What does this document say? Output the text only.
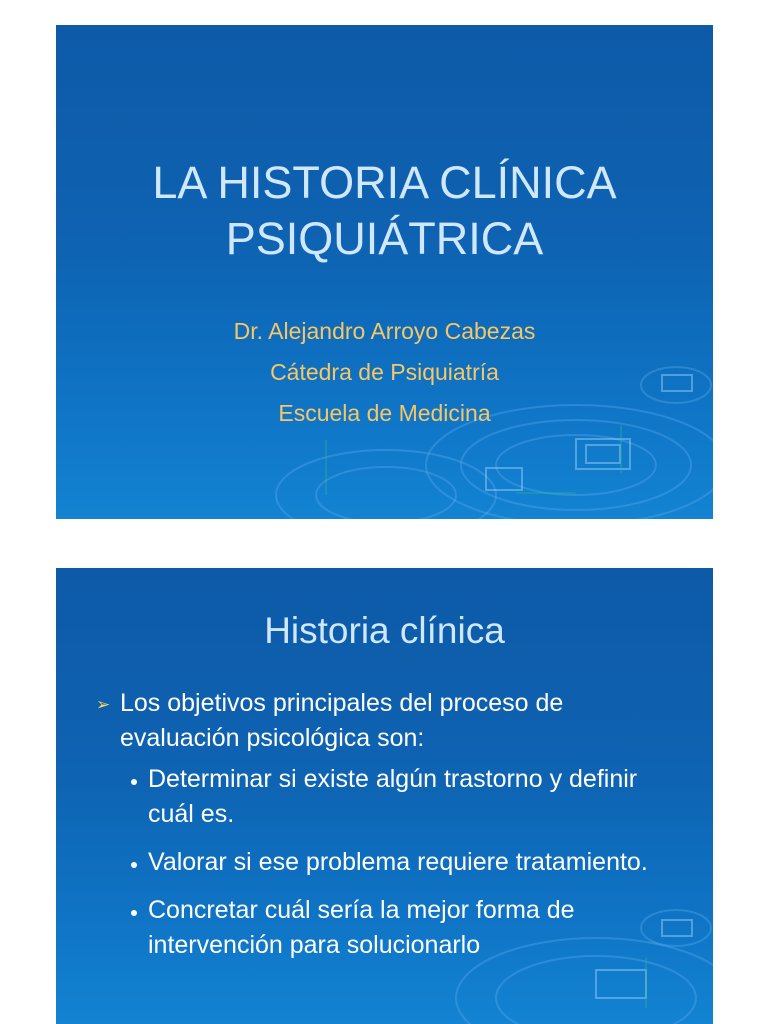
LA HISTORIA CLÍNICA
PSIQUIÁTRICA
Dr. Alejandro Arroyo Cabezas
Cátedra de Psiquiatría
Escuela de Medicina
Historia clínica
➢ Los objetivos principales del proceso de evaluación psicológica son:
Determinar si existe algún trastorno y definir cuál es.
Valorar si ese problema requiere tratamiento.
Concretar cuál sería la mejor forma de intervención para solucionarlo
